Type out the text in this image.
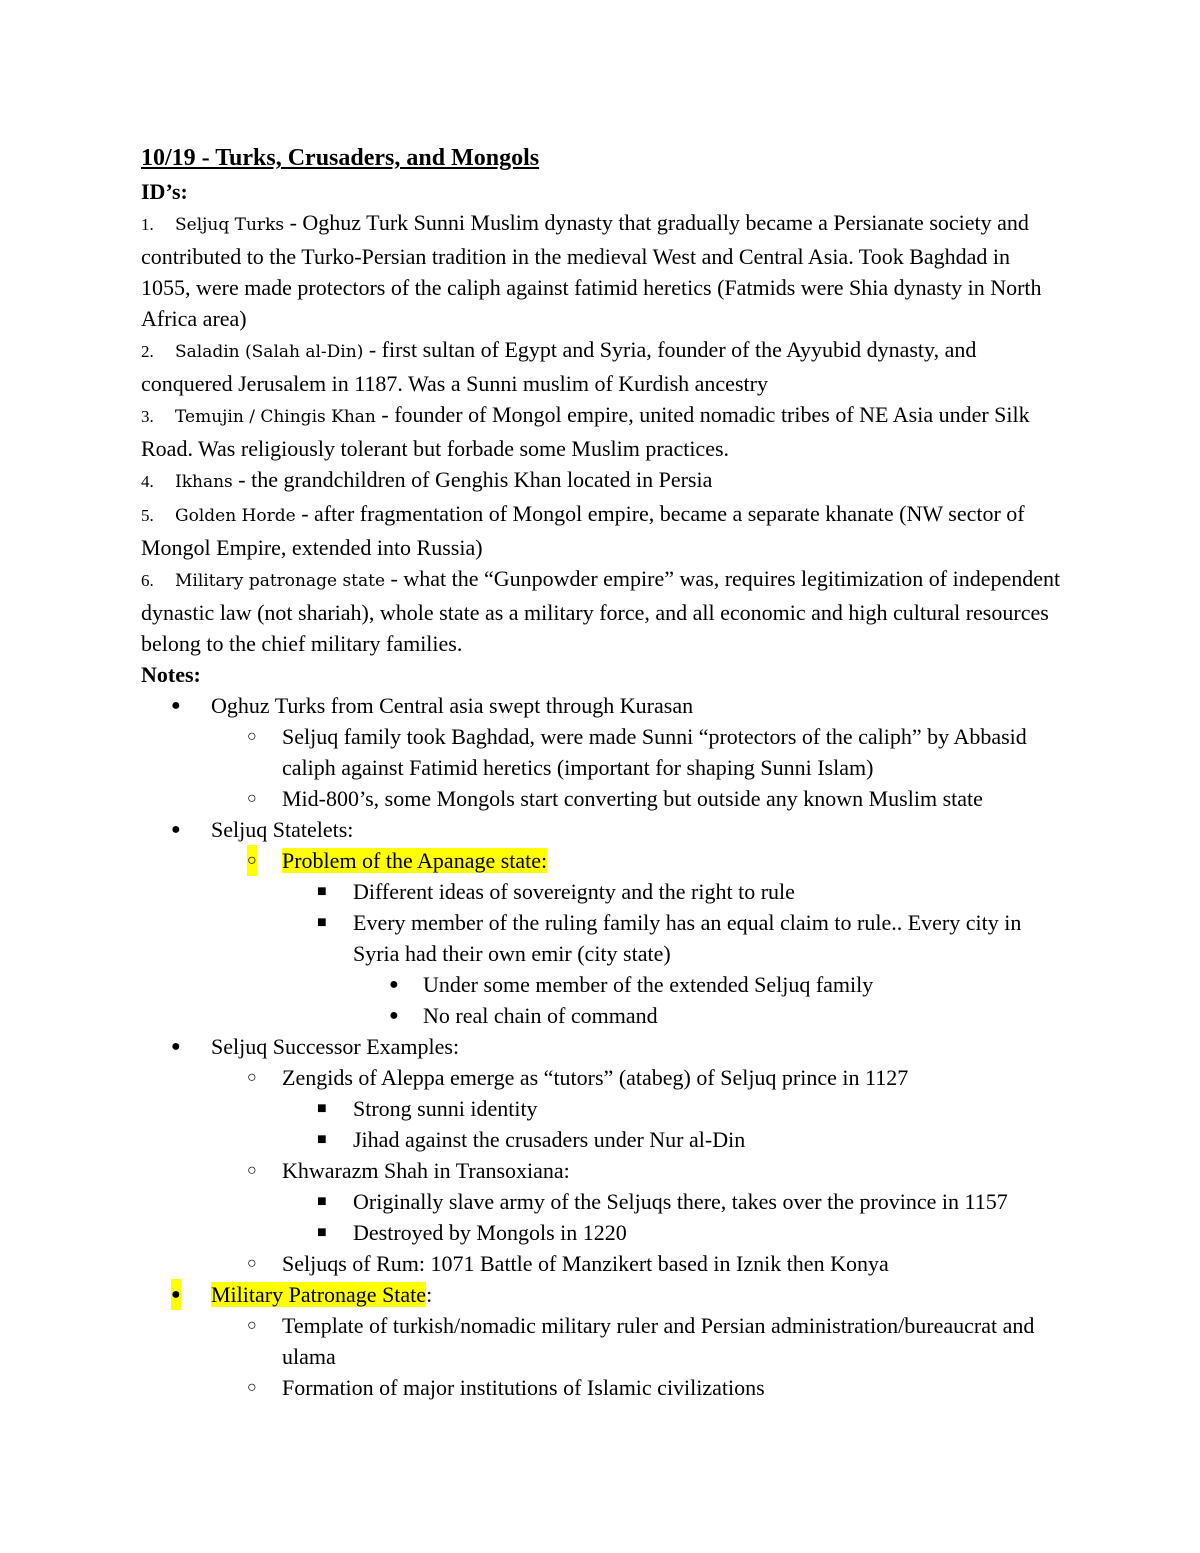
10/19 - Turks, Crusaders, and Mongols
ID’s:
1. Seljuq Turks - Oghuz Turk Sunni Muslim dynasty that gradually became a Persianate society and contributed to the Turko-Persian tradition in the medieval West and Central Asia. Took Baghdad in 1055, were made protectors of the caliph against fatimid heretics (Fatmids were Shia dynasty in North Africa area)
2. Saladin (Salah al-Din) - first sultan of Egypt and Syria, founder of the Ayyubid dynasty, and conquered Jerusalem in 1187. Was a Sunni muslim of Kurdish ancestry
3. Temujin / Chingis Khan - founder of Mongol empire, united nomadic tribes of NE Asia under Silk Road. Was religiously tolerant but forbade some Muslim practices.
4. Ikhans - the grandchildren of Genghis Khan located in Persia
5. Golden Horde - after fragmentation of Mongol empire, became a separate khanate (NW sector of Mongol Empire, extended into Russia)
6. Military patronage state - what the “Gunpowder empire” was, requires legitimization of independent dynastic law (not shariah), whole state as a military force, and all economic and high cultural resources belong to the chief military families.
Notes:
● Oghuz Turks from Central asia swept through Kurasan
○ Seljuq family took Baghdad, were made Sunni “protectors of the caliph” by Abbasid caliph against Fatimid heretics (important for shaping Sunni Islam)
○ Mid-800’s, some Mongols start converting but outside any known Muslim state
● Seljuq Statelets:
○ Problem of the Apanage state:
■ Different ideas of sovereignty and the right to rule
■ Every member of the ruling family has an equal claim to rule.. Every city in Syria had their own emir (city state)
● Under some member of the extended Seljuq family
● No real chain of command
● Seljuq Successor Examples:
○ Zengids of Aleppa emerge as “tutors” (atabeg) of Seljuq prince in 1127
■ Strong sunni identity
■ Jihad against the crusaders under Nur al-Din
○ Khwarazm Shah in Transoxiana:
■ Originally slave army of the Seljuqs there, takes over the province in 1157
■ Destroyed by Mongols in 1220
○ Seljuqs of Rum: 1071 Battle of Manzikert based in Iznik then Konya
● Military Patronage State:
○ Template of turkish/nomadic military ruler and Persian administration/bureaucrat and ulama
○ Formation of major institutions of Islamic civilizations
